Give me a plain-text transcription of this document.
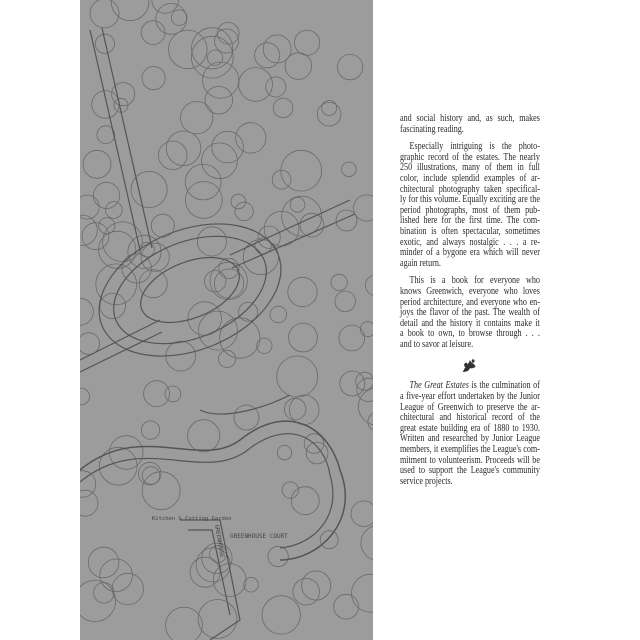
GREENHOUSE COURT
Kitchen & Cutting Garden
GREENHOUSE
and social history and, as such, makes
fascinating reading.
Especially intriguing is the photo-
graphic record of the estates. The nearly
250 illustrations, many of them in full
color, include splendid examples of ar-
chitectural photography taken specifical-
ly for this volume. Equally exciting are the
period photographs, most of them pub-
lished here for the first time. The com-
bination is often spectacular, sometimes
exotic, and always nostalgic . . . a re-
minder of a bygone era which will never
again return.
This is a book for everyone who
knows Greenwich, everyone who loves
period architecture, and everyone who en-
joys the flavor of the past. The wealth of
detail and the history it contains make it
a book to own, to browse through . . .
and to savor at leisure.
The Great Estates is the culmination of
a five-year effort undertaken by the Junior
League of Greenwich to preserve the ar-
chitectural and historical record of the
great estate building era of 1880 to 1930.
Written and researched by Junior League
members, it exemplifies the League's com-
mitment to volunteerism. Proceeds will be
used to support the League's community
service projects.
